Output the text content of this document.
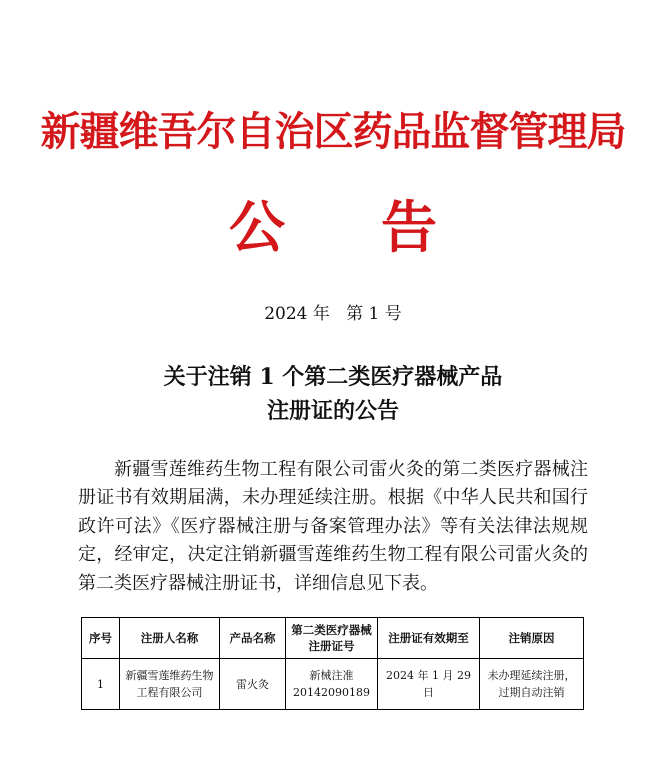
新疆维吾尔自治区药品监督管理局
公告
2024 年   第 1 号
关于注销 1 个第二类医疗器械产品
注册证的公告
新疆雪莲维药生物工程有限公司雷火灸的第二类医疗器械注册证书有效期届满，未办理延续注册。根据《中华人民共和国行政许可法》《医疗器械注册与备案管理办法》等有关法律法规规定，经审定，决定注销新疆雪莲维药生物工程有限公司雷火灸的第二类医疗器械注册证书，详细信息见下表。
序号	注册人名称	产品名称	第二类医疗器械注册证号	注册证有效期至	注销原因
1	新疆雪莲维药生物工程有限公司	雷火灸	新械注准 20142090189	2024 年 1 月 29 日	未办理延续注册，过期自动注销
